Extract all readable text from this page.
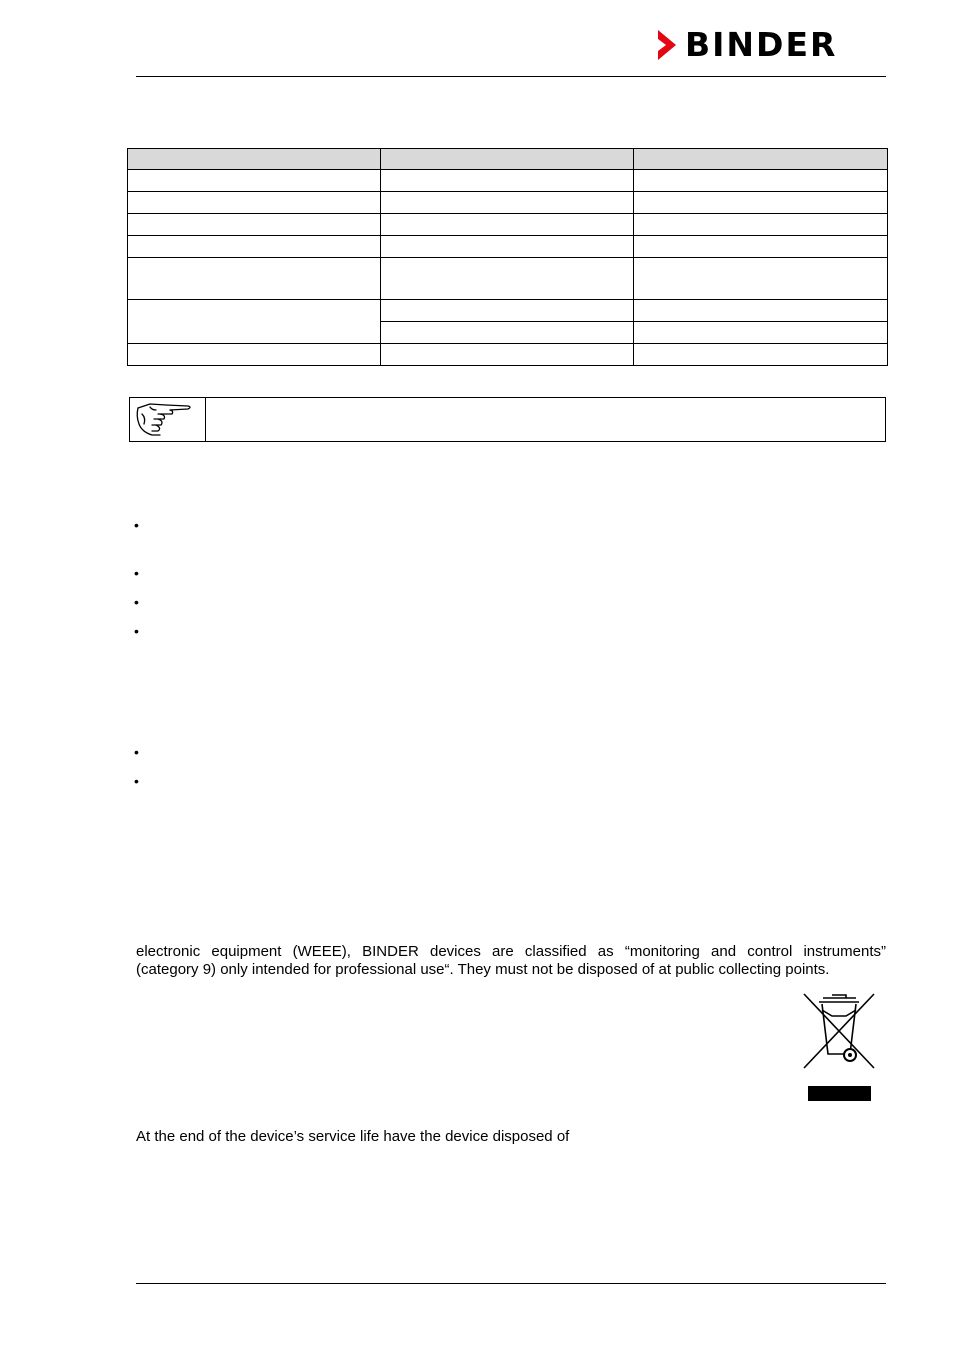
BINDER

•
•
•
•
•
•
electronic equipment (WEEE), BINDER devices are classified as “monitoring and control instruments”
(category 9) only intended for professional use“. They must not be disposed of at public collecting points.
At the end of the device’s service life have the device disposed of
